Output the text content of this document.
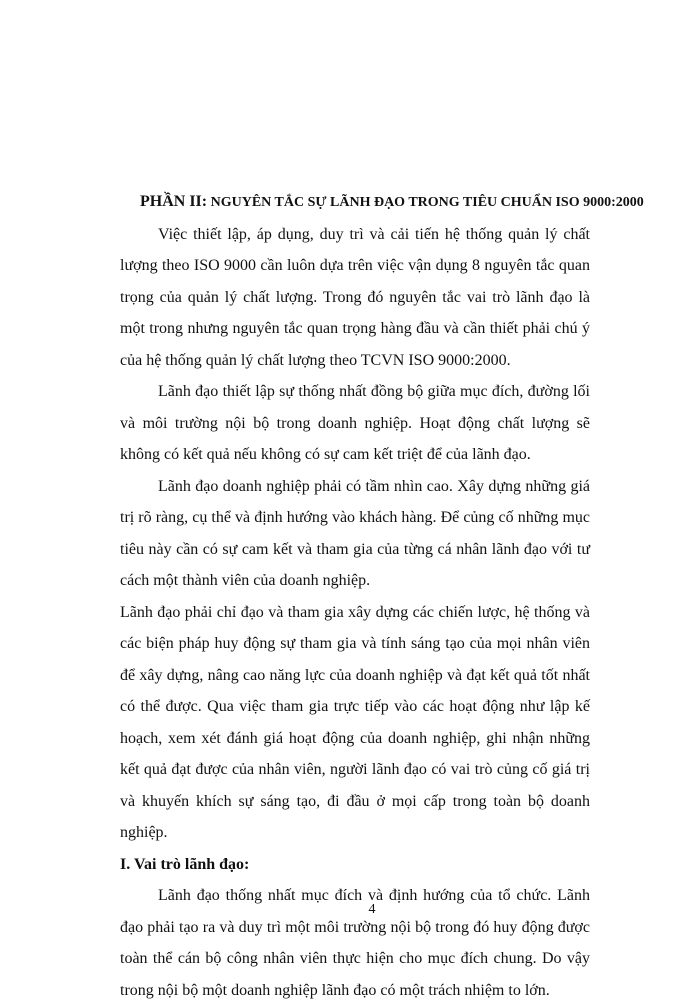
PHẦN II: NGUYÊN TẮC SỰ LÃNH ĐẠO TRONG TIÊU CHUẨN ISO 9000:2000

Việc thiết lập, áp dụng, duy trì và cải tiến hệ thống quản lý chất lượng theo ISO 9000 cần luôn dựa trên việc vận dụng 8 nguyên tắc quan trọng của quản lý chất lượng. Trong đó nguyên tắc vai trò lãnh đạo là một trong nhưng nguyên tắc quan trọng hàng đầu và cần thiết phải chú ý của hệ thống quản lý chất lượng theo TCVN ISO 9000:2000.

Lãnh đạo thiết lập sự thống nhất đồng bộ giữa mục đích, đường lối và môi trường nội bộ trong doanh nghiệp. Hoạt động chất lượng sẽ không có kết quả nếu không có sự cam kết triệt để của lãnh đạo.

Lãnh đạo doanh nghiệp phải có tầm nhìn cao. Xây dựng những giá trị rõ ràng, cụ thể và định hướng vào khách hàng. Để củng cố những mục tiêu này cần có sự cam kết và tham gia của từng cá nhân lãnh đạo với tư cách một thành viên của doanh nghiệp.

Lãnh đạo phải chỉ đạo và tham gia xây dựng các chiến lược, hệ thống và các biện pháp huy động sự tham gia và tính sáng tạo của mọi nhân viên để xây dựng, nâng cao năng lực của doanh nghiệp và đạt kết quả tốt nhất có thể được. Qua việc tham gia trực tiếp vào các hoạt động như lập kế hoạch, xem xét đánh giá hoạt động của doanh nghiệp, ghi nhận những kết quả đạt được của nhân viên, người lãnh đạo có vai trò củng cố giá trị và khuyến khích sự sáng tạo, đi đầu ở mọi cấp trong toàn bộ doanh nghiệp.

I. Vai trò lãnh đạo:

Lãnh đạo thống nhất mục đích và định hướng của tổ chức. Lãnh đạo phải tạo ra và duy trì một môi trường nội bộ trong đó huy động được toàn thể cán bộ công nhân viên thực hiện cho mục đích chung. Do vậy trong nội bộ một doanh nghiệp lãnh đạo có một trách nhiệm to lớn.

4
